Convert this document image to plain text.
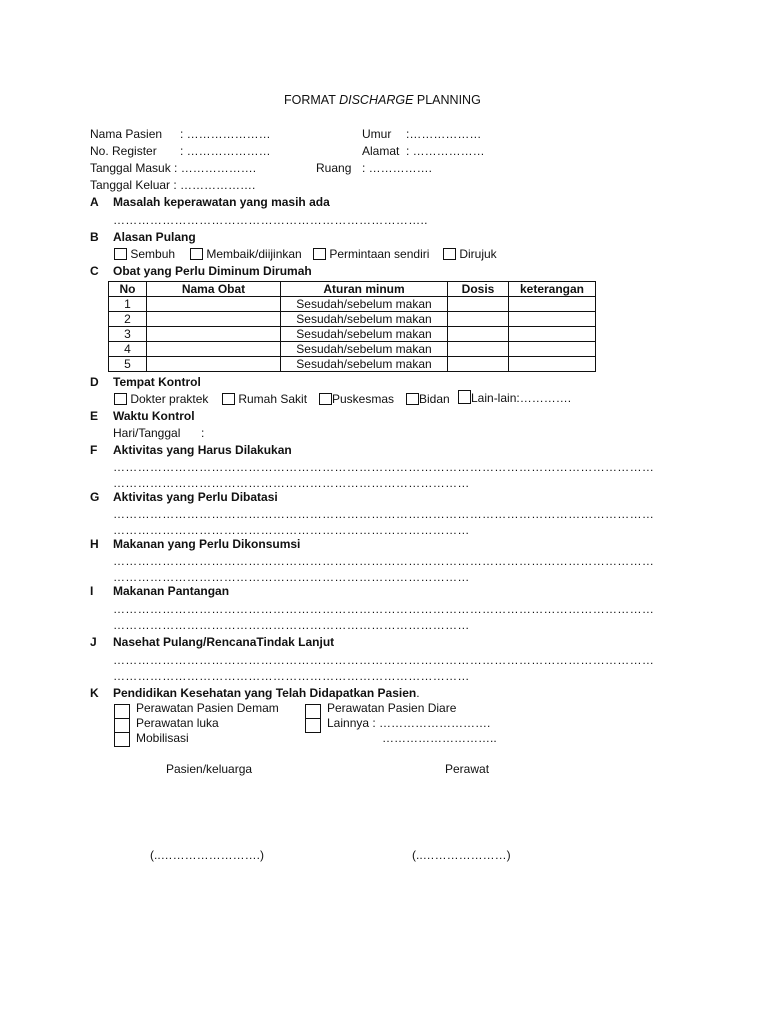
FORMAT DISCHARGE PLANNING
Nama Pasien : …………………	Umur :………………
No. Register : …………………	Alamat : ………………
Tanggal Masuk : ……………….	Ruang : …………….
Tanggal Keluar : ……………….
A Masalah keperawatan yang masih ada
…………………………………………………………………..
B Alasan Pulang
Sembuh	Membaik/diijinkan	Permintaan sendiri	Dirujuk
C Obat yang Perlu Diminum Dirumah
No	Nama Obat	Aturan minum	Dosis	keterangan
1		Sesudah/sebelum makan		
2		Sesudah/sebelum makan		
3		Sesudah/sebelum makan		
4		Sesudah/sebelum makan		
5		Sesudah/sebelum makan		
D Tempat Kontrol
Dokter praktek	Rumah Sakit	Puskesmas	Bidan	Lain-lain:………….
E Waktu Kontrol
Hari/Tanggal :
F Aktivitas yang Harus Dilakukan
……………………………………………………………………………………………………………………
……………………………………………………………………………
G Aktivitas yang Perlu Dibatasi
……………………………………………………………………………………………………………………
……………………………………………………………………………
H Makanan yang Perlu Dikonsumsi
……………………………………………………………………………………………………………………
……………………………………………………………………………
I Makanan Pantangan
……………………………………………………………………………………………………………………
……………………………………………………………………………
J Nasehat Pulang/RencanaTindak Lanjut
……………………………………………………………………………………………………………………
……………………………………………………………………………
K Pendidikan Kesehatan yang Telah Didapatkan Pasien.
Perawatan Pasien Demam
Perawatan luka
Mobilisasi
Perawatan Pasien Diare
Lainnya : ……………………….
………………………..
Pasien/keluarga	Perawat
(..…………………….)	(..…………………)
